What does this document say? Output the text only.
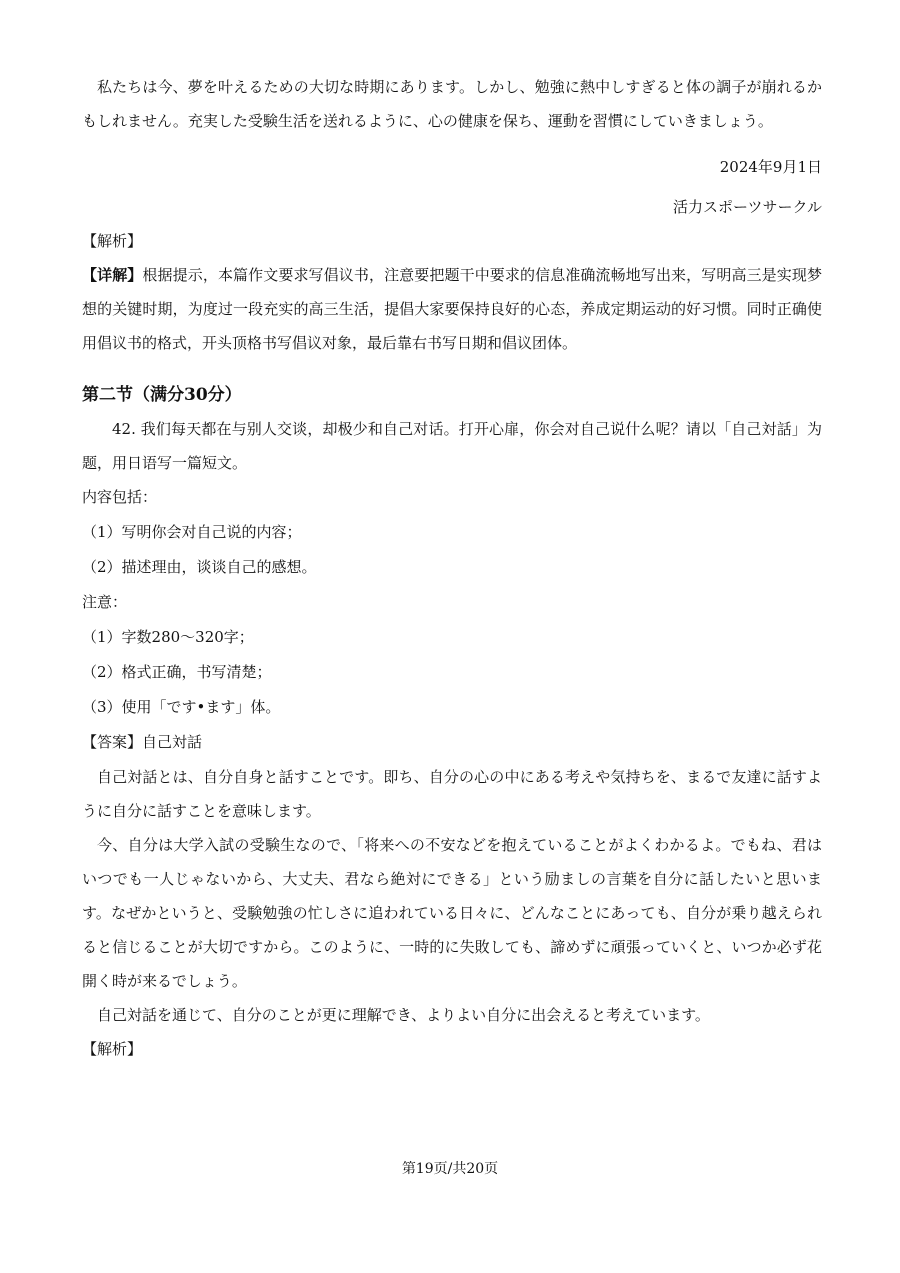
私たちは今、夢を叶えるための大切な時期にあります。しかし、勉強に熱中しすぎると体の調子が崩れるかもしれません。充実した受験生活を送れるように、心の健康を保ち、運動を習慣にしていきましょう。

2024年9月1日

活力スポーツサークル

【解析】

【详解】根据提示，本篇作文要求写倡议书，注意要把题干中要求的信息准确流畅地写出来，写明高三是实现梦想的关键时期，为度过一段充实的高三生活，提倡大家要保持良好的心态，养成定期运动的好习惯。同时正确使用倡议书的格式，开头顶格书写倡议对象，最后靠右书写日期和倡议团体。

第二节（满分30分）

42. 我们每天都在与别人交谈，却极少和自己对话。打开心扉，你会对自己说什么呢？请以「自己対話」为题，用日语写一篇短文。

内容包括：

（1）写明你会对自己说的内容；

（2）描述理由，谈谈自己的感想。

注意：

（1）字数280～320字；

（2）格式正确，书写清楚；

（3）使用「です•ます」体。

【答案】自己対話

自己対話とは、自分自身と話すことです。即ち、自分の心の中にある考えや気持ちを、まるで友達に話すように自分に話すことを意味します。

今、自分は大学入試の受験生なので、「将来への不安などを抱えていることがよくわかるよ。でもね、君はいつでも一人じゃないから、大丈夫、君なら絶対にできる」という励ましの言葉を自分に話したいと思います。なぜかというと、受験勉強の忙しさに追われている日々に、どんなことにあっても、自分が乗り越えられると信じることが大切ですから。このように、一時的に失敗しても、諦めずに頑張っていくと、いつか必ず花開く時が来るでしょう。

自己対話を通じて、自分のことが更に理解でき、よりよい自分に出会えると考えています。

【解析】

第19页/共20页
